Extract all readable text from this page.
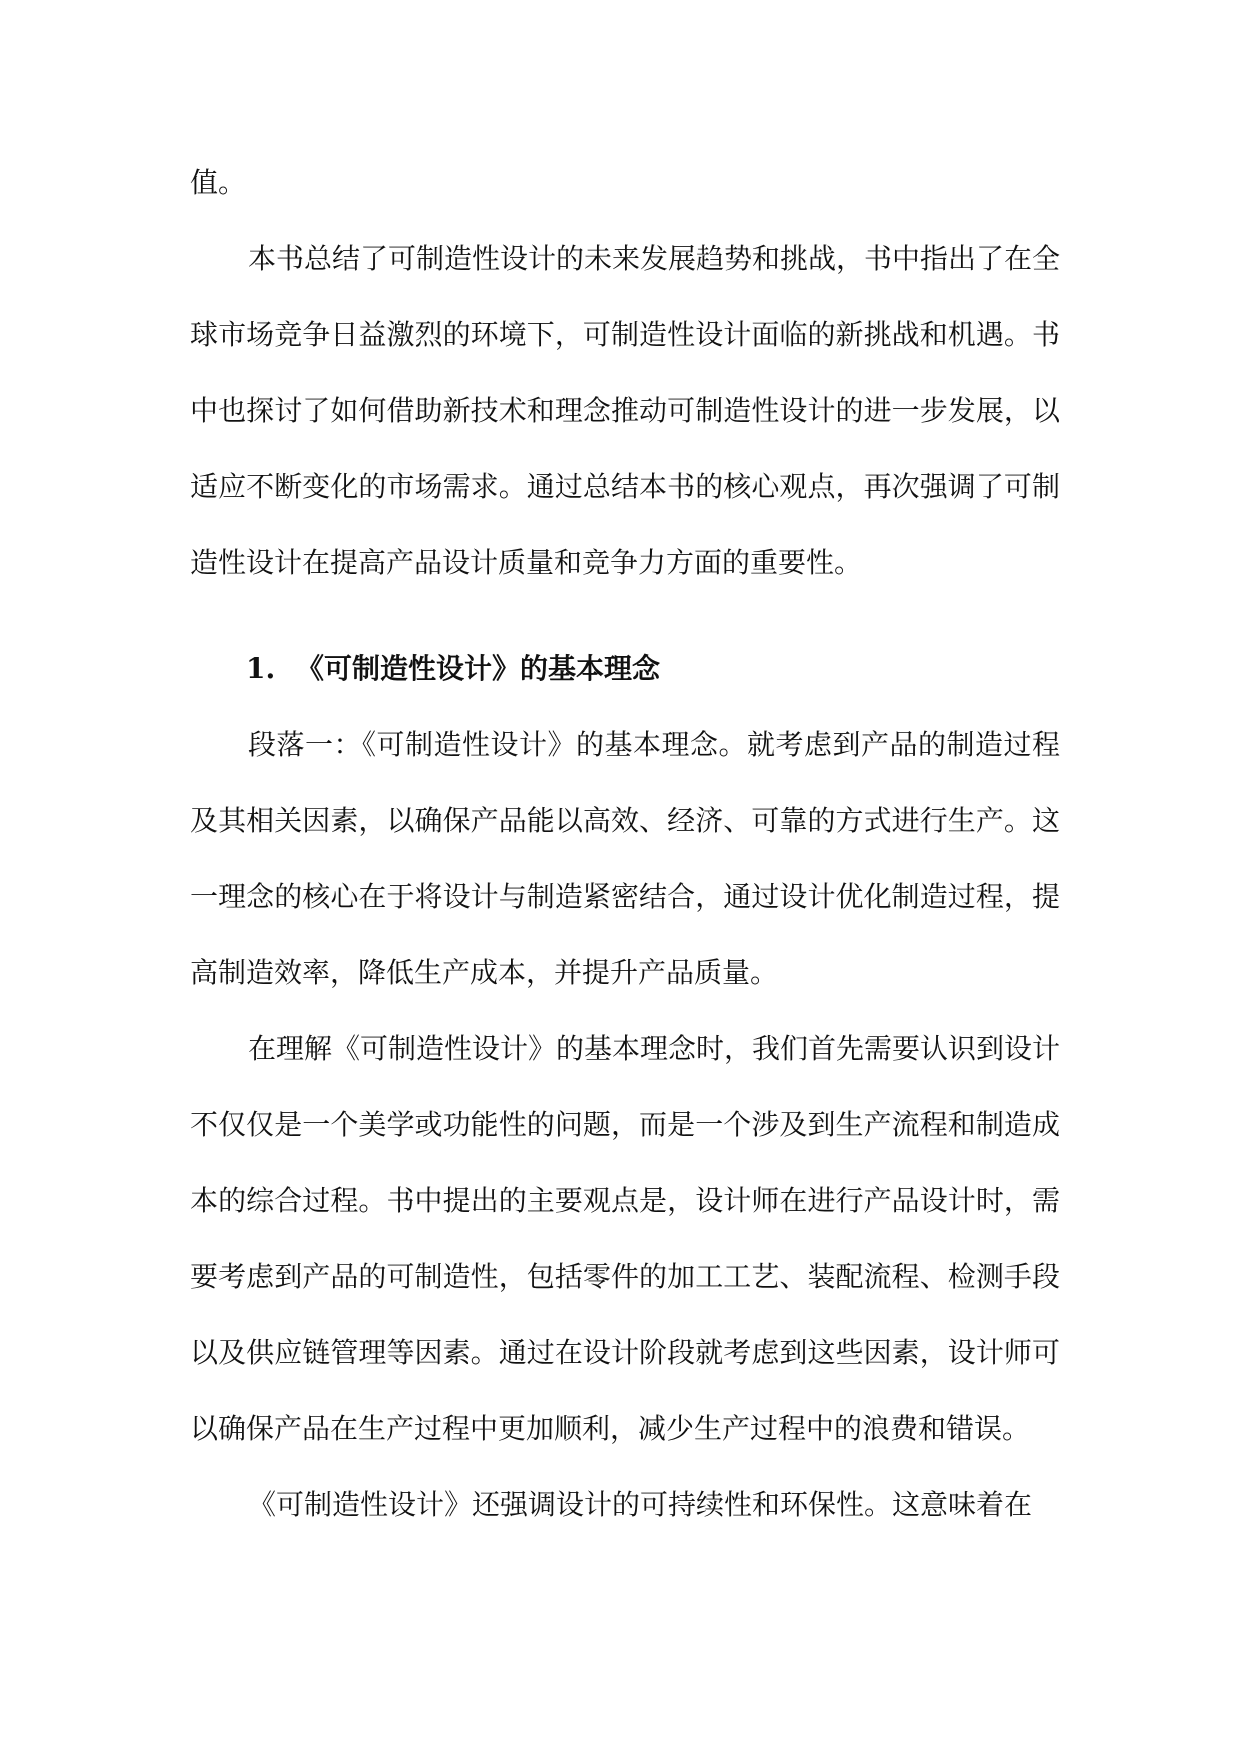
值。

本书总结了可制造性设计的未来发展趋势和挑战，书中指出了在全球市场竞争日益激烈的环境下，可制造性设计面临的新挑战和机遇。书中也探讨了如何借助新技术和理念推动可制造性设计的进一步发展，以适应不断变化的市场需求。通过总结本书的核心观点，再次强调了可制造性设计在提高产品设计质量和竞争力方面的重要性。

1. 《可制造性设计》的基本理念

段落一：《可制造性设计》的基本理念。就考虑到产品的制造过程及其相关因素，以确保产品能以高效、经济、可靠的方式进行生产。这一理念的核心在于将设计与制造紧密结合，通过设计优化制造过程，提高制造效率，降低生产成本，并提升产品质量。

在理解《可制造性设计》的基本理念时，我们首先需要认识到设计不仅仅是一个美学或功能性的问题，而是一个涉及到生产流程和制造成本的综合过程。书中提出的主要观点是，设计师在进行产品设计时，需要考虑到产品的可制造性，包括零件的加工工艺、装配流程、检测手段以及供应链管理等因素。通过在设计阶段就考虑到这些因素，设计师可以确保产品在生产过程中更加顺利，减少生产过程中的浪费和错误。

《可制造性设计》还强调设计的可持续性和环保性。这意味着在
